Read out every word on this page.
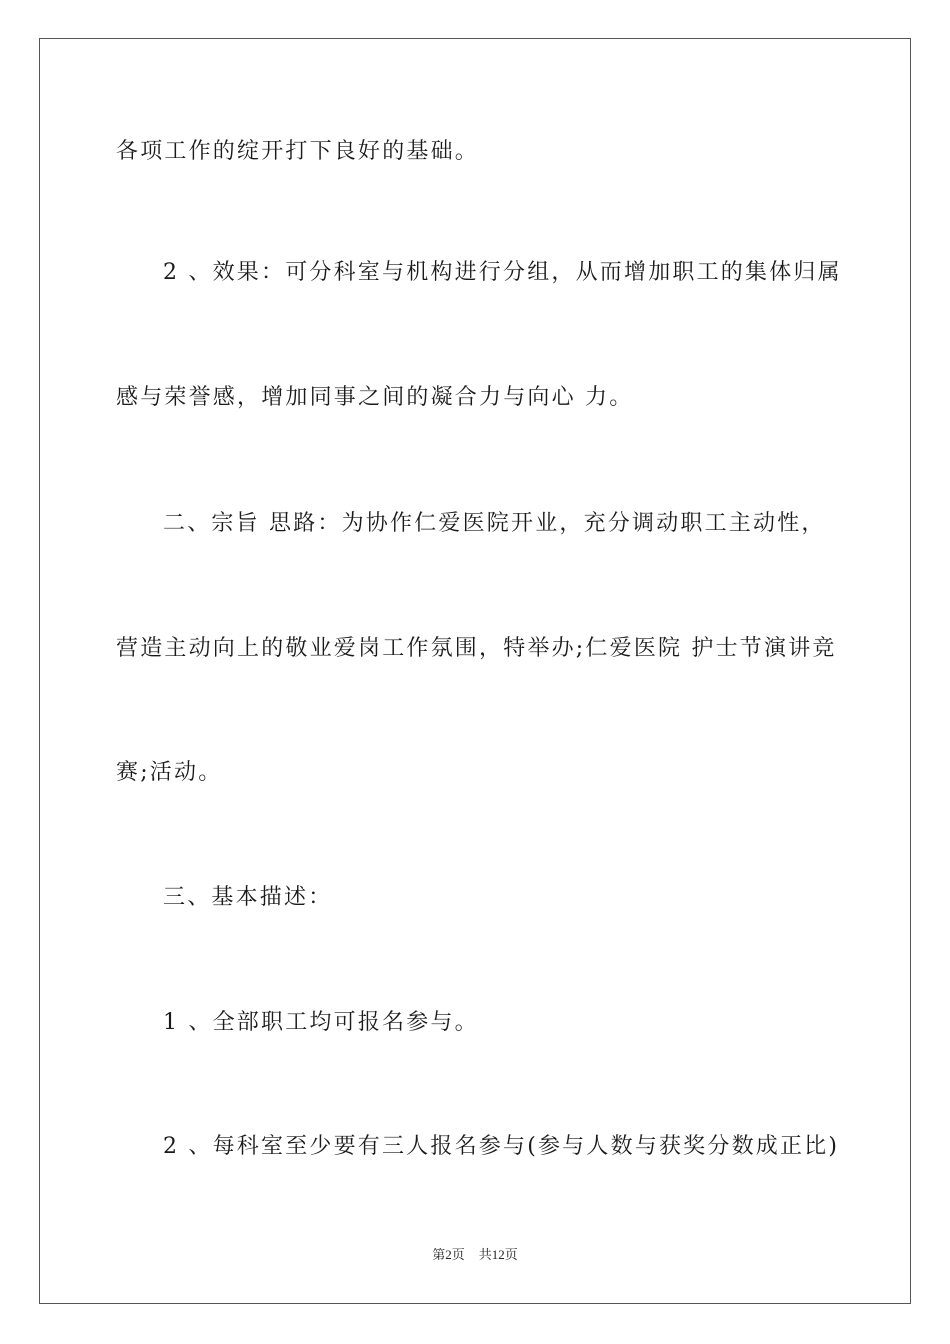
各项工作的绽开打下良好的基础。
2 、效果：可分科室与机构进行分组，从而增加职工的集体归属
感与荣誉感，增加同事之间的凝合力与向心 力。
二、宗旨 思路：为协作仁爱医院开业，充分调动职工主动性，
营造主动向上的敬业爱岗工作氛围，特举办;仁爱医院 护士节演讲竞
赛;活动。
三、基本描述：
1 、全部职工均可报名参与。
2 、每科室至少要有三人报名参与(参与人数与获奖分数成正比)
第2页 共12页
